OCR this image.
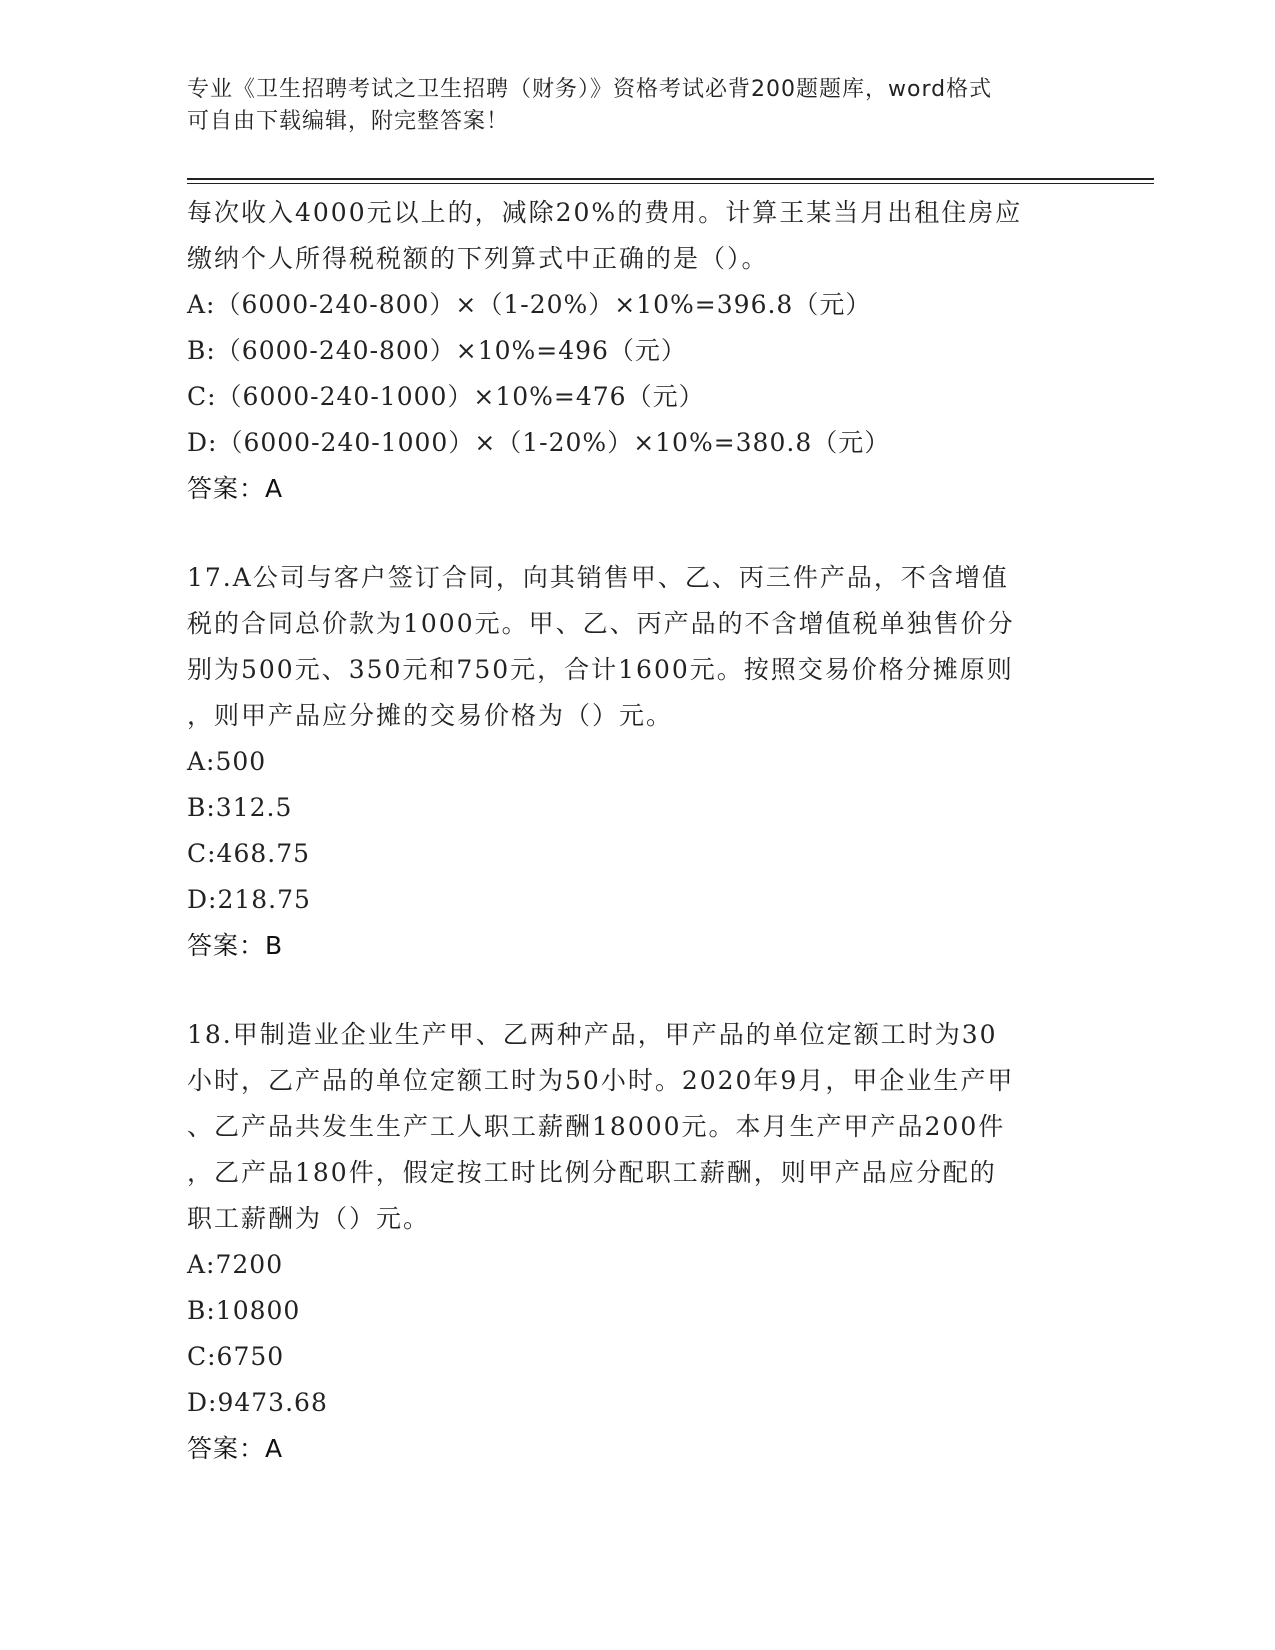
专业《卫生招聘考试之卫生招聘（财务）》资格考试必背200题题库，word格式
可自由下载编辑，附完整答案！
每次收入4000元以上的，减除20%的费用。计算王某当月出租住房应
缴纳个人所得税税额的下列算式中正确的是（）。
A:（6000-240-800）×（1-20%）×10%=396.8（元）
B:（6000-240-800）×10%=496（元）
C:（6000-240-1000）×10%=476（元）
D:（6000-240-1000）×（1-20%）×10%=380.8（元）
答案：A
17.A公司与客户签订合同，向其销售甲、乙、丙三件产品，不含增值
税的合同总价款为1000元。甲、乙、丙产品的不含增值税单独售价分
别为500元、350元和750元，合计1600元。按照交易价格分摊原则
，则甲产品应分摊的交易价格为（）元。
A:500
B:312.5
C:468.75
D:218.75
答案：B
18.甲制造业企业生产甲、乙两种产品，甲产品的单位定额工时为30
小时，乙产品的单位定额工时为50小时。2020年9月，甲企业生产甲
、乙产品共发生生产工人职工薪酬18000元。本月生产甲产品200件
，乙产品180件，假定按工时比例分配职工薪酬，则甲产品应分配的
职工薪酬为（）元。
A:7200
B:10800
C:6750
D:9473.68
答案：A
